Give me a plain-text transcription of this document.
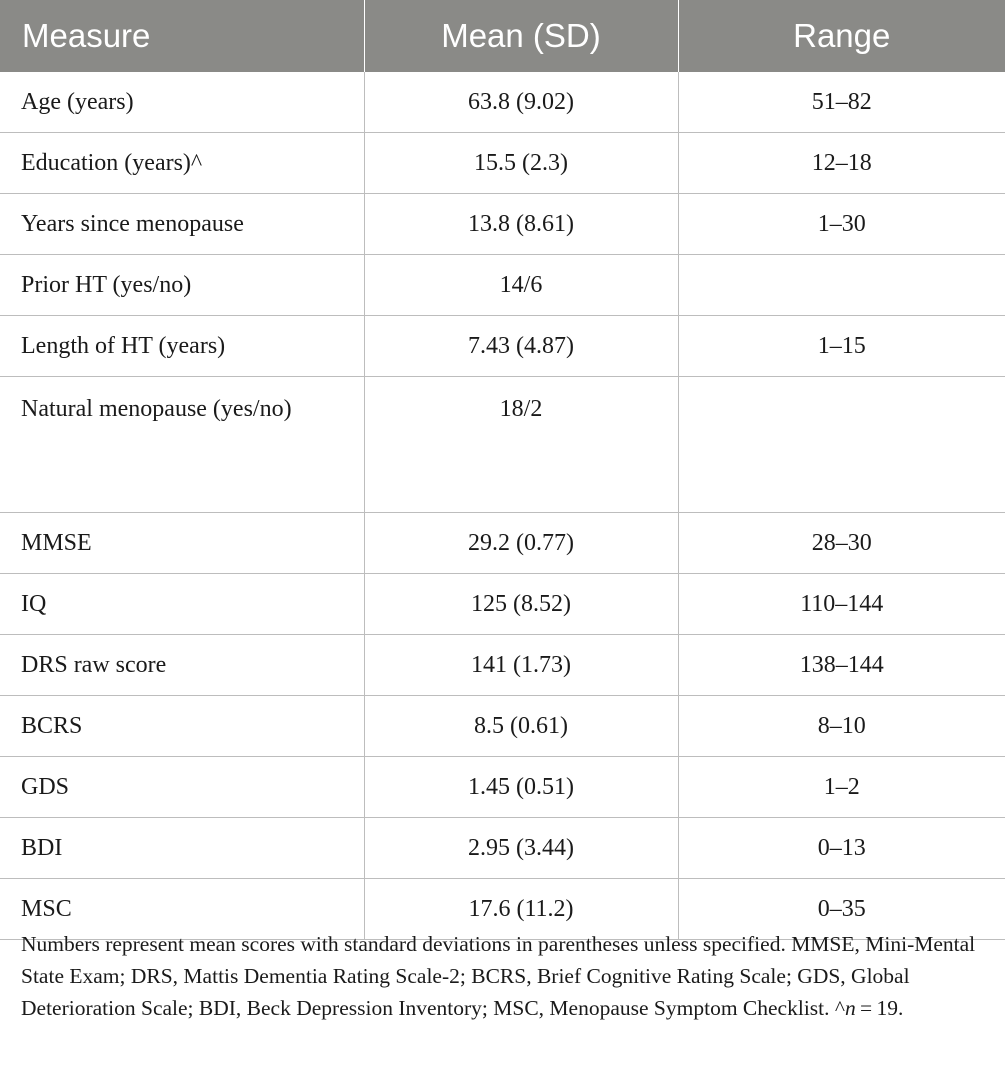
Measure	Mean (SD)	Range
Age (years)	63.8 (9.02)	51–82
Education (years)^	15.5 (2.3)	12–18
Years since menopause	13.8 (8.61)	1–30
Prior HT (yes/no)	14/6	
Length of HT (years)	7.43 (4.87)	1–15
Natural menopause (yes/no)	18/2	
MMSE	29.2 (0.77)	28–30
IQ	125 (8.52)	110–144
DRS raw score	141 (1.73)	138–144
BCRS	8.5 (0.61)	8–10
GDS	1.45 (0.51)	1–2
BDI	2.95 (3.44)	0–13
MSC	17.6 (11.2)	0–35
Numbers represent mean scores with standard deviations in parentheses unless specified. MMSE, Mini-Mental State Exam; DRS, Mattis Dementia Rating Scale-2; BCRS, Brief Cognitive Rating Scale; GDS, Global Deterioration Scale; BDI, Beck Depression Inventory; MSC, Menopause Symptom Checklist. ^n = 19.
